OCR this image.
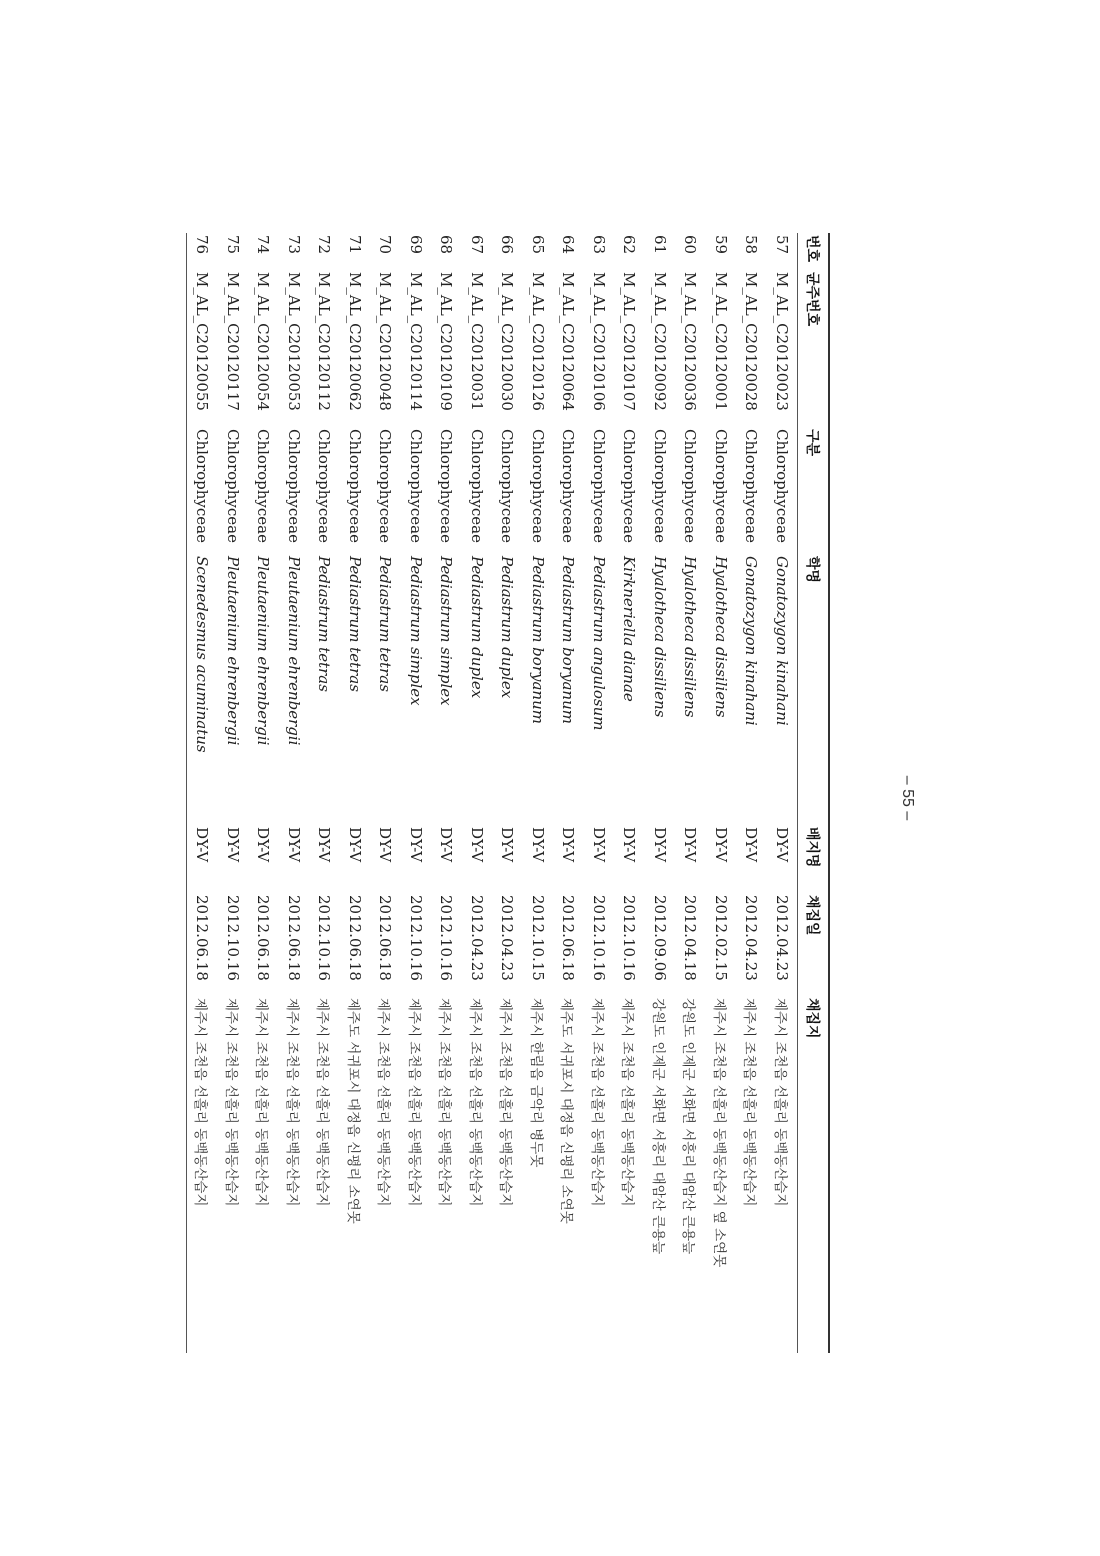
번호
균주번호
구분
학명
배지명
채집일
채집지
57
M_AL_C20120023
Chlorophyceae
Gonatozygon kinahani
DY-V
2012.04.23
제주시 조천읍 선흘리 동백동산습지
58
M_AL_C20120028
Chlorophyceae
Gonatozygon kinahani
DY-V
2012.04.23
제주시 조천읍 선흘리 동백동산습지
59
M_AL_C20120001
Chlorophyceae
Hyalotheca dissiliens
DY-V
2012.02.15
제주시 조천읍 선흘리 동백동산습지 옆 소연못
60
M_AL_C20120036
Chlorophyceae
Hyalotheca dissiliens
DY-V
2012.04.18
강원도 인제군 서화면 서흥리 대암산 큰용늪
61
M_AL_C20120092
Chlorophyceae
Hyalotheca dissiliens
DY-V
2012.09.06
강원도 인제군 서화면 서흥리 대암산 큰용늪
62
M_AL_C20120107
Chlorophyceae
Kirkneriella dianae
DY-V
2012.10.16
제주시 조천읍 선흘리 동백동산습지
63
M_AL_C20120106
Chlorophyceae
Pediastrum angulosum
DY-V
2012.10.16
제주시 조천읍 선흘리 동백동산습지
64
M_AL_C20120064
Chlorophyceae
Pediastrum boryanum
DY-V
2012.06.18
제주도 서귀포시 대정읍 신평리 소연못
65
M_AL_C20120126
Chlorophyceae
Pediastrum boryanum
DY-V
2012.10.15
제주시 한림읍 금악리 병두못
66
M_AL_C20120030
Chlorophyceae
Pediastrum duplex
DY-V
2012.04.23
제주시 조천읍 선흘리 동백동산습지
67
M_AL_C20120031
Chlorophyceae
Pediastrum duplex
DY-V
2012.04.23
제주시 조천읍 선흘리 동백동산습지
68
M_AL_C20120109
Chlorophyceae
Pediastrum simplex
DY-V
2012.10.16
제주시 조천읍 선흘리 동백동산습지
69
M_AL_C20120114
Chlorophyceae
Pediastrum simplex
DY-V
2012.10.16
제주시 조천읍 선흘리 동백동산습지
70
M_AL_C20120048
Chlorophyceae
Pediastrum tetras
DY-V
2012.06.18
제주시 조천읍 선흘리 동백동산습지
71
M_AL_C20120062
Chlorophyceae
Pediastrum tetras
DY-V
2012.06.18
제주도 서귀포시 대정읍 신평리 소연못
72
M_AL_C20120112
Chlorophyceae
Pediastrum tetras
DY-V
2012.10.16
제주시 조천읍 선흘리 동백동산습지
73
M_AL_C20120053
Chlorophyceae
Pleutaenium ehrenbergii
DY-V
2012.06.18
제주시 조천읍 선흘리 동백동산습지
74
M_AL_C20120054
Chlorophyceae
Pleutaenium ehrenbergii
DY-V
2012.06.18
제주시 조천읍 선흘리 동백동산습지
75
M_AL_C20120117
Chlorophyceae
Pleutaenium ehrenbergii
DY-V
2012.10.16
제주시 조천읍 선흘리 동백동산습지
76
M_AL_C20120055
Chlorophyceae
Scenedesmus acuminatus
DY-V
2012.06.18
제주시 조천읍 선흘리 동백동산습지
– 55 –
